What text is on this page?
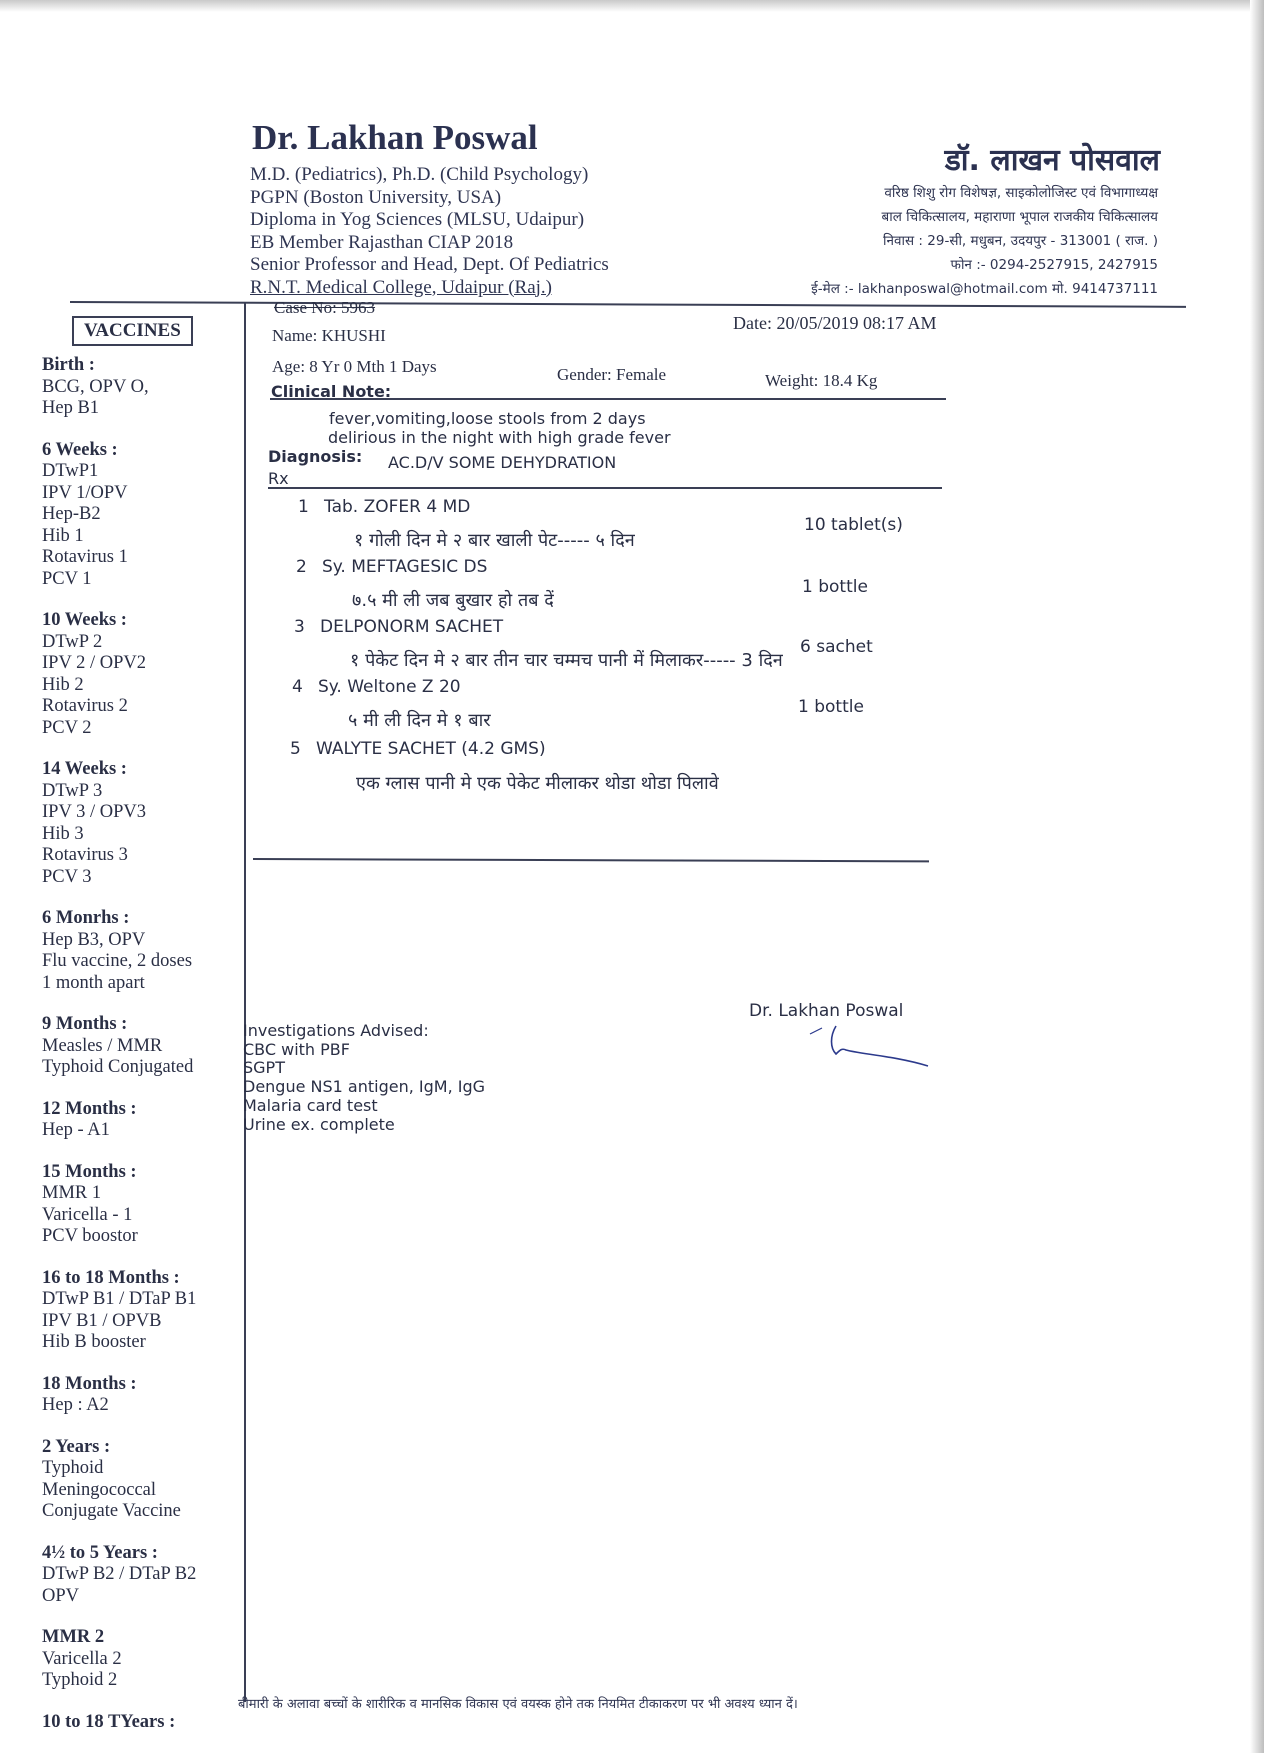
Dr. Lakhan Poswal
M.D. (Pediatrics), Ph.D. (Child Psychology)
PGPN (Boston University, USA)
Diploma in Yog Sciences (MLSU, Udaipur)
EB Member Rajasthan CIAP 2018
Senior Professor and Head, Dept. Of Pediatrics
R.N.T. Medical College, Udaipur (Raj.)
डॉ. लाखन पोसवाल
वरिष्ठ शिशु रोग विशेषज्ञ, साइकोलोजिस्ट एवं विभागाध्यक्ष
बाल चिकित्सालय, महाराणा भूपाल राजकीय चिकित्सालय
निवास : 29-सी, मधुबन, उदयपुर - 313001 ( राज. )
फोन :- 0294-2527915, 2427915
ई-मेल :- lakhanposwal@hotmail.com मो. 9414737111
VACCINES
Birth :
BCG, OPV O,
Hep B1
6 Weeks :
DTwP1
IPV 1/OPV
Hep-B2
Hib 1
Rotavirus 1
PCV 1
10 Weeks :
DTwP 2
IPV 2 / OPV2
Hib 2
Rotavirus 2
PCV 2
14 Weeks :
DTwP 3
IPV 3 / OPV3
Hib 3
Rotavirus 3
PCV 3
6 Monrhs :
Hep B3, OPV
Flu vaccine, 2 doses
1 month apart
9 Months :
Measles / MMR
Typhoid Conjugated
12 Months :
Hep - A1
15 Months :
MMR 1
Varicella - 1
PCV boostor
16 to 18 Months :
DTwP B1 / DTaP B1
IPV B1 / OPVB
Hib B booster
18 Months :
Hep : A2
2 Years :
Typhoid
Meningococcal
Conjugate Vaccine
4½ to 5 Years :
DTwP B2 / DTaP B2
OPV
MMR 2
Varicella 2
Typhoid 2
10 to 18 TYears :
Case No: 5963
Name: KHUSHI
Date: 20/05/2019 08:17 AM
Age: 8 Yr 0 Mth 1 Days	Gender: Female	Weight: 18.4 Kg
Clinical Note:
fever,vomiting,loose stools from 2 days
delirious in the night with high grade fever
Diagnosis: AC.D/V SOME DEHYDRATION
Rx
1 Tab. ZOFER 4 MD
१ गोली दिन मे २ बार खाली पेट----- ५ दिन
10 tablet(s)
2 Sy. MEFTAGESIC DS
७.५ मी ली जब बुखार हो तब दें
1 bottle
3 DELPONORM SACHET
१ पेकेट दिन मे २ बार तीन चार चम्मच पानी में मिलाकर----- 3 दिन
6 sachet
4 Sy. Weltone Z 20
५ मी ली दिन मे १ बार
1 bottle
5 WALYTE SACHET (4.2 GMS)
एक ग्लास पानी मे एक पेकेट मीलाकर थोडा थोडा पिलावे
Investigations Advised:
CBC with PBF
SGPT
Dengue NS1 antigen, IgM, IgG
Malaria card test
Urine ex. complete
Dr. Lakhan Poswal
बीमारी के अलावा बच्चों के शारीरिक व मानसिक विकास एवं वयस्क होने तक नियमित टीकाकरण पर भी अवश्य ध्यान दें।
